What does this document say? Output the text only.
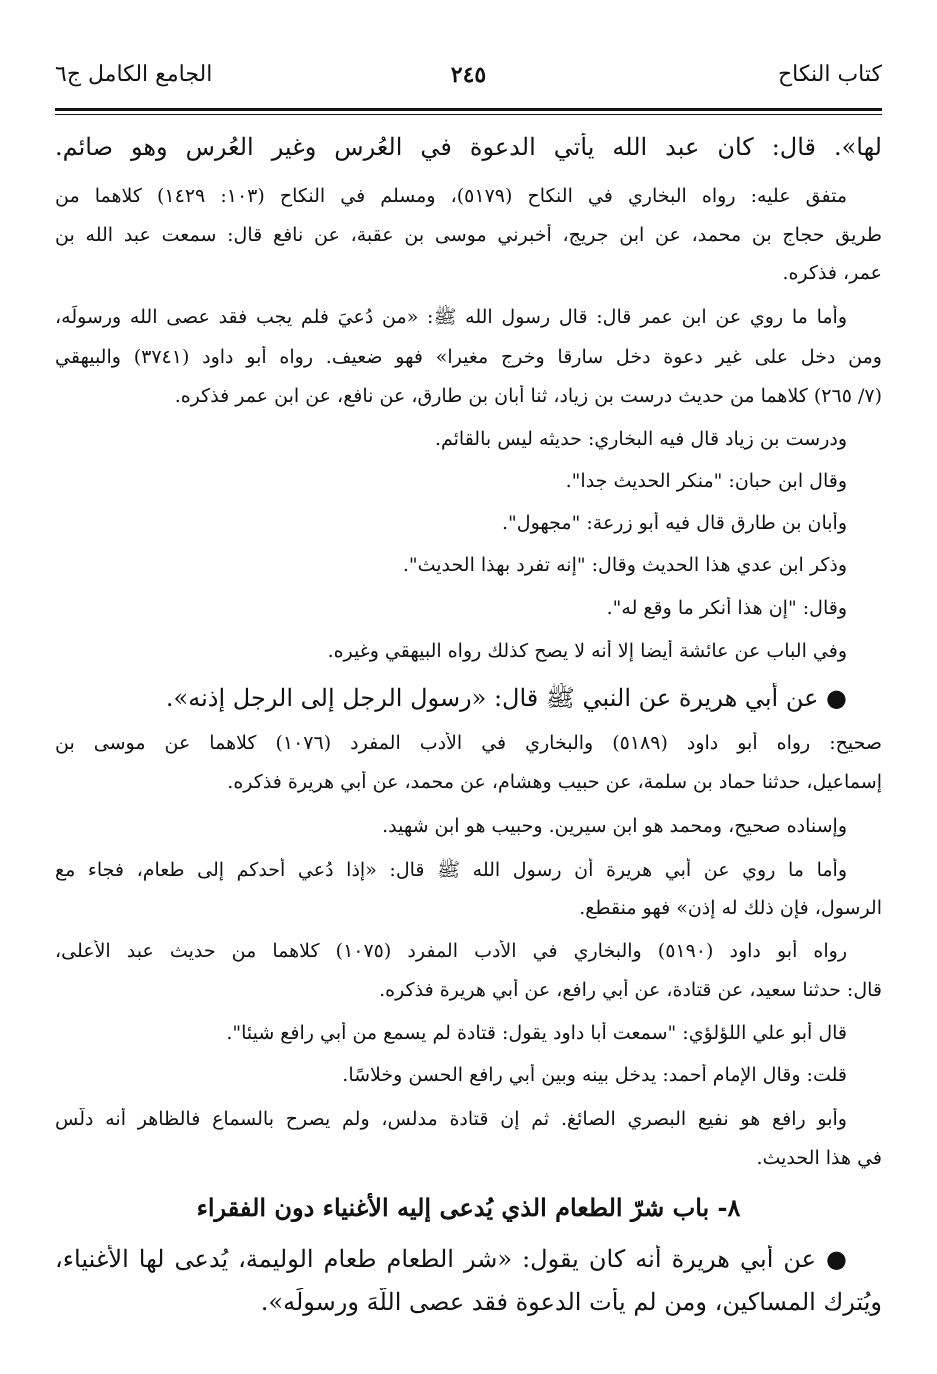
كتاب النكاح
٢٤٥
الجامع الكامل ج٦
لها». قال: كان عبد الله يأتي الدعوة في العُرس وغير العُرس وهو صائم.
متفق عليه: رواه البخاري في النكاح (٥١٧٩)، ومسلم في النكاح (١٠٣: ١٤٢٩) كلاهما من
طريق حجاج بن محمد، عن ابن جريج، أخبرني موسى بن عقبة، عن نافع قال: سمعت عبد الله بن
عمر، فذكره.
وأما ما روي عن ابن عمر قال: قال رسول الله ﷺ: «من دُعيَ فلم يجب فقد عصى الله ورسولَه،
ومن دخل على غير دعوة دخل سارقا وخرج مغيرا» فهو ضعيف. رواه أبو داود (٣٧٤١) والبيهقي
(٧/ ٢٦٥) كلاهما من حديث درست بن زياد، ثنا أبان بن طارق، عن نافع، عن ابن عمر فذكره.
ودرست بن زياد قال فيه البخاري: حديثه ليس بالقائم.
وقال ابن حبان: "منكر الحديث جدا".
وأبان بن طارق قال فيه أبو زرعة: "مجهول".
وذكر ابن عدي هذا الحديث وقال: "إنه تفرد بهذا الحديث".
وقال: "إن هذا أنكر ما وقع له".
وفي الباب عن عائشة أيضا إلا أنه لا يصح كذلك رواه البيهقي وغيره.
● عن أبي هريرة عن النبي ﷺ قال: «رسول الرجل إلى الرجل إذنه».
صحيح: رواه أبو داود (٥١٨٩) والبخاري في الأدب المفرد (١٠٧٦) كلاهما عن موسى بن
إسماعيل، حدثنا حماد بن سلمة، عن حبيب وهشام، عن محمد، عن أبي هريرة فذكره.
وإسناده صحيح، ومحمد هو ابن سيرين. وحبيب هو ابن شهيد.
وأما ما روي عن أبي هريرة أن رسول الله ﷺ قال: «إذا دُعي أحدكم إلى طعام، فجاء مع
الرسول، فإن ذلك له إذن» فهو منقطع.
رواه أبو داود (٥١٩٠) والبخاري في الأدب المفرد (١٠٧٥) كلاهما من حديث عبد الأعلى،
قال: حدثنا سعيد، عن قتادة، عن أبي رافع، عن أبي هريرة فذكره.
قال أبو علي اللؤلؤي: "سمعت أبا داود يقول: قتادة لم يسمع من أبي رافع شيئا".
قلت: وقال الإمام أحمد: يدخل بينه وبين أبي رافع الحسن وخلاسًا.
وأبو رافع هو نفيع البصري الصائغ. ثم إن قتادة مدلس، ولم يصرح بالسماع فالظاهر أنه دلّس
في هذا الحديث.
٨- باب شرّ الطعام الذي يُدعى إليه الأغنياء دون الفقراء
● عن أبي هريرة أنه كان يقول: «شر الطعام طعام الوليمة، يُدعى لها الأغنياء،
ويُترك المساكين، ومن لم يأت الدعوة فقد عصى اللَّهَ ورسولَه».
